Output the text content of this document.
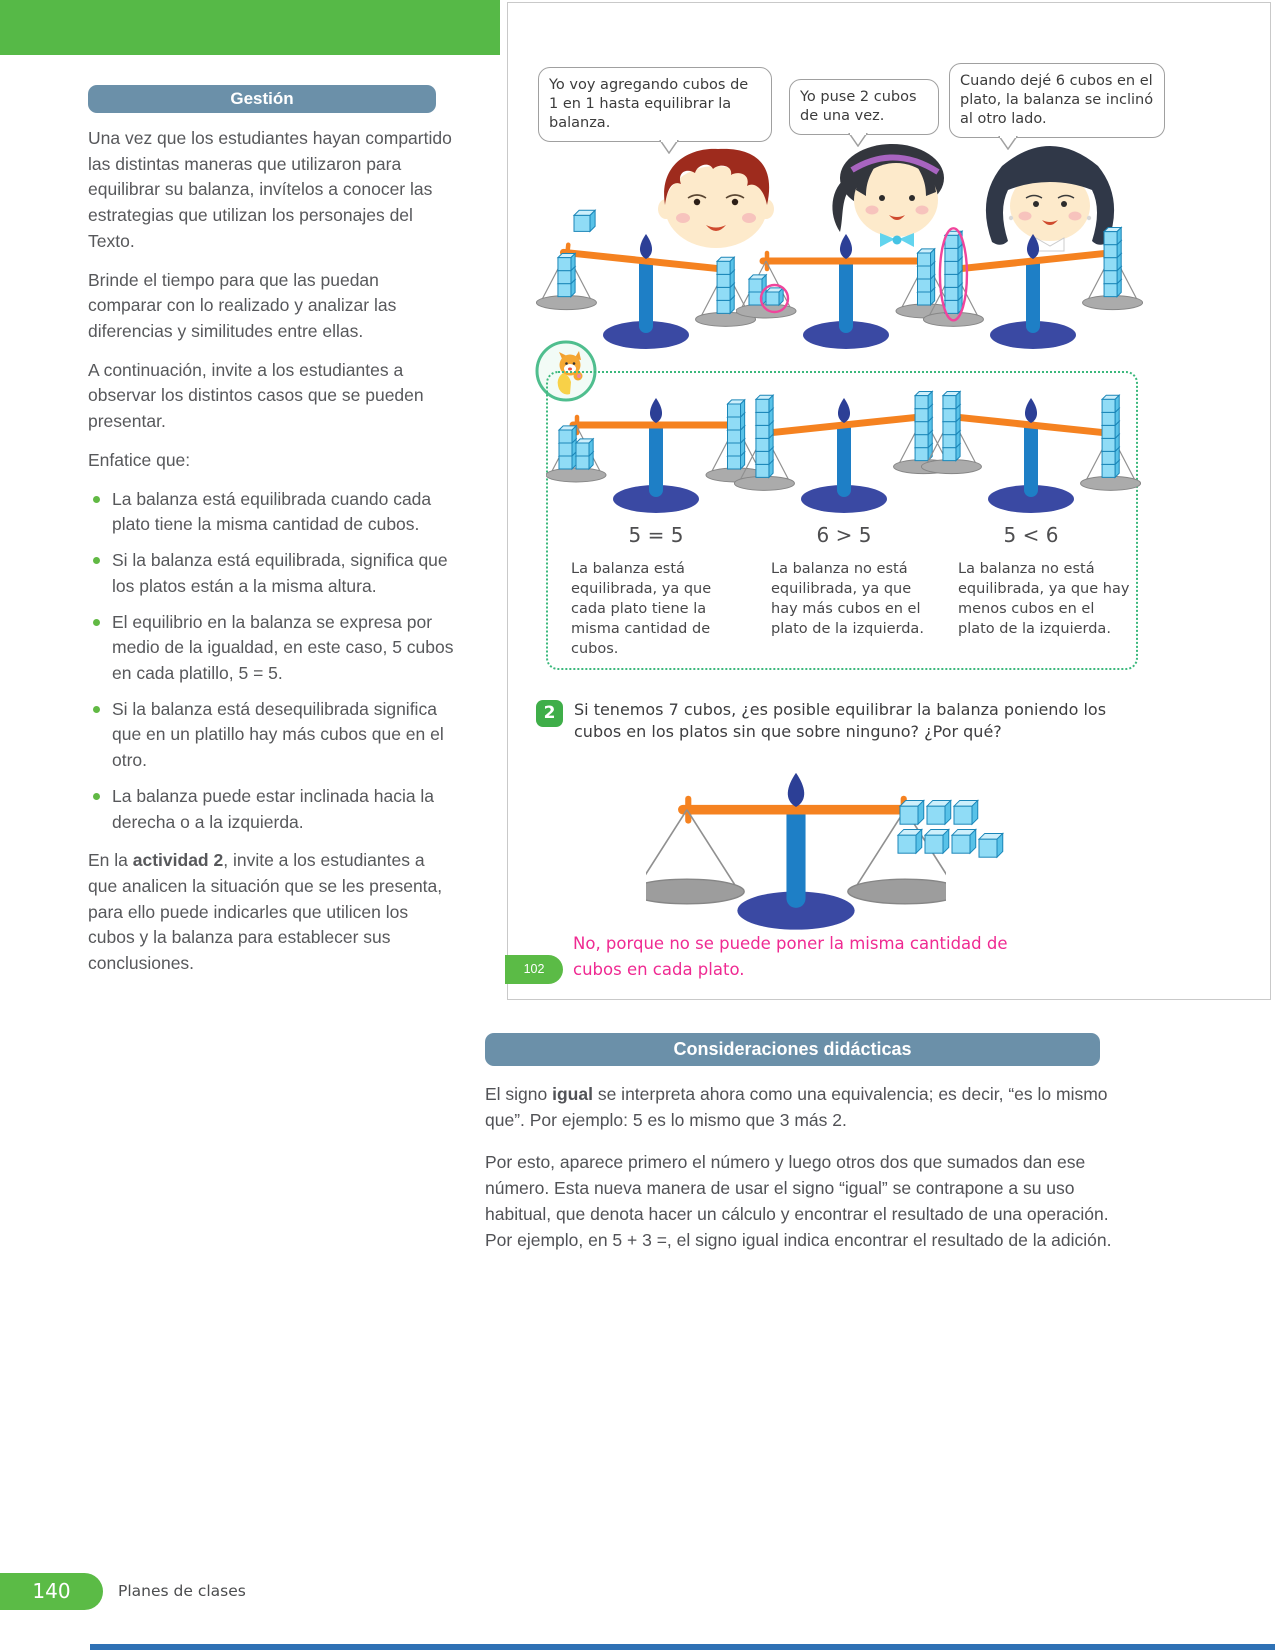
Gestión

Una vez que los estudiantes hayan compartido las distintas maneras que utilizaron para equilibrar su balanza, invítelos a conocer las estrategias que utilizan los personajes del Texto.

Brinde el tiempo para que las puedan comparar con lo realizado y analizar las diferencias y similitudes entre ellas.

A continuación, invite a los estudiantes a observar los distintos casos que se pueden presentar.

Enfatice que:

La balanza está equilibrada cuando cada plato tiene la misma cantidad de cubos.
Si la balanza está equilibrada, significa que los platos están a la misma altura.
El equilibrio en la balanza se expresa por medio de la igualdad, en este caso, 5 cubos en cada platillo, 5 = 5.
Si la balanza está desequilibrada significa que en un platillo hay más cubos que en el otro.
La balanza puede estar inclinada hacia la derecha o a la izquierda.

En la actividad 2, invite a los estudiantes a que analicen la situación que se les presenta, para ello puede indicarles que utilicen los cubos y la balanza para establecer sus conclusiones.

Yo voy agregando cubos de 1 en 1 hasta equilibrar la balanza.
Yo puse 2 cubos de una vez.
Cuando dejé 6 cubos en el plato, la balanza se inclinó al otro lado.
5 = 5	6 > 5	5 < 6
La balanza está equilibrada, ya que cada plato tiene la misma cantidad de cubos.
La balanza no está equilibrada, ya que hay más cubos en el plato de la izquierda.
La balanza no está equilibrada, ya que hay menos cubos en el plato de la izquierda.
2	Si tenemos 7 cubos, ¿es posible equilibrar la balanza poniendo los cubos en los platos sin que sobre ninguno? ¿Por qué?
No, porque no se puede poner la misma cantidad de cubos en cada plato.
102
Consideraciones didácticas

El signo igual se interpreta ahora como una equivalencia; es decir, “es lo mismo que”. Por ejemplo: 5 es lo mismo que 3 más 2.

Por esto, aparece primero el número y luego otros dos que sumados dan ese número. Esta nueva manera de usar el signo “igual” se contrapone a su uso habitual, que denota hacer un cálculo y encontrar el resultado de una operación. Por ejemplo, en 5 + 3 =, el signo igual indica encontrar el resultado de la adición.

140	Planes de clases
